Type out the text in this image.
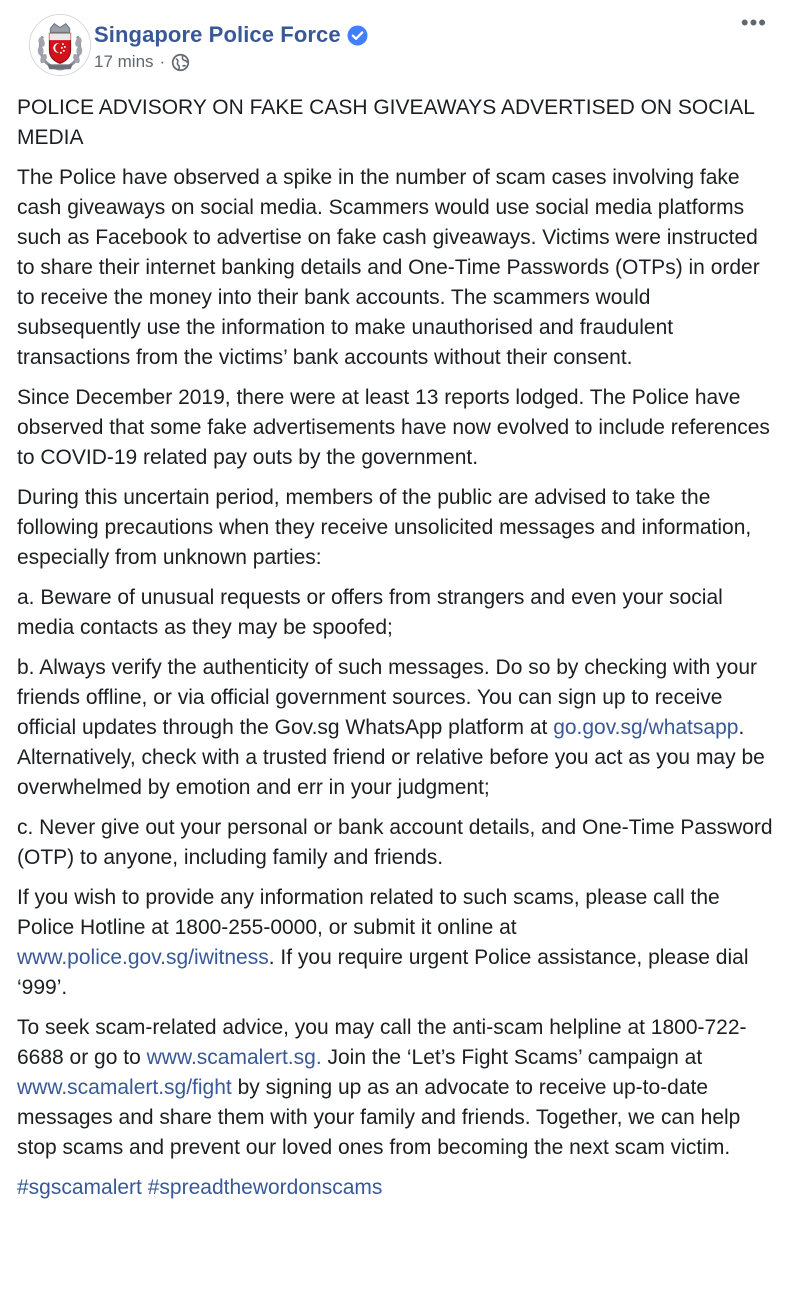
Singapore Police Force
17 mins ·
•••

POLICE ADVISORY ON FAKE CASH GIVEAWAYS ADVERTISED ON SOCIAL MEDIA

The Police have observed a spike in the number of scam cases involving fake cash giveaways on social media. Scammers would use social media platforms such as Facebook to advertise on fake cash giveaways. Victims were instructed to share their internet banking details and One-Time Passwords (OTPs) in order to receive the money into their bank accounts. The scammers would subsequently use the information to make unauthorised and fraudulent transactions from the victims’ bank accounts without their consent.

Since December 2019, there were at least 13 reports lodged. The Police have observed that some fake advertisements have now evolved to include references to COVID-19 related pay outs by the government.

During this uncertain period, members of the public are advised to take the following precautions when they receive unsolicited messages and information, especially from unknown parties:

a. Beware of unusual requests or offers from strangers and even your social media contacts as they may be spoofed;

b. Always verify the authenticity of such messages. Do so by checking with your friends offline, or via official government sources. You can sign up to receive official updates through the Gov.sg WhatsApp platform at go.gov.sg/whatsapp. Alternatively, check with a trusted friend or relative before you act as you may be overwhelmed by emotion and err in your judgment;

c. Never give out your personal or bank account details, and One-Time Password (OTP) to anyone, including family and friends.

If you wish to provide any information related to such scams, please call the Police Hotline at 1800-255-0000, or submit it online at www.police.gov.sg/iwitness. If you require urgent Police assistance, please dial ‘999’.

To seek scam-related advice, you may call the anti-scam helpline at 1800-722-6688 or go to www.scamalert.sg. Join the ‘Let’s Fight Scams’ campaign at www.scamalert.sg/fight by signing up as an advocate to receive up-to-date messages and share them with your family and friends. Together, we can help stop scams and prevent our loved ones from becoming the next scam victim.

#sgscamalert #spreadthewordonscams
